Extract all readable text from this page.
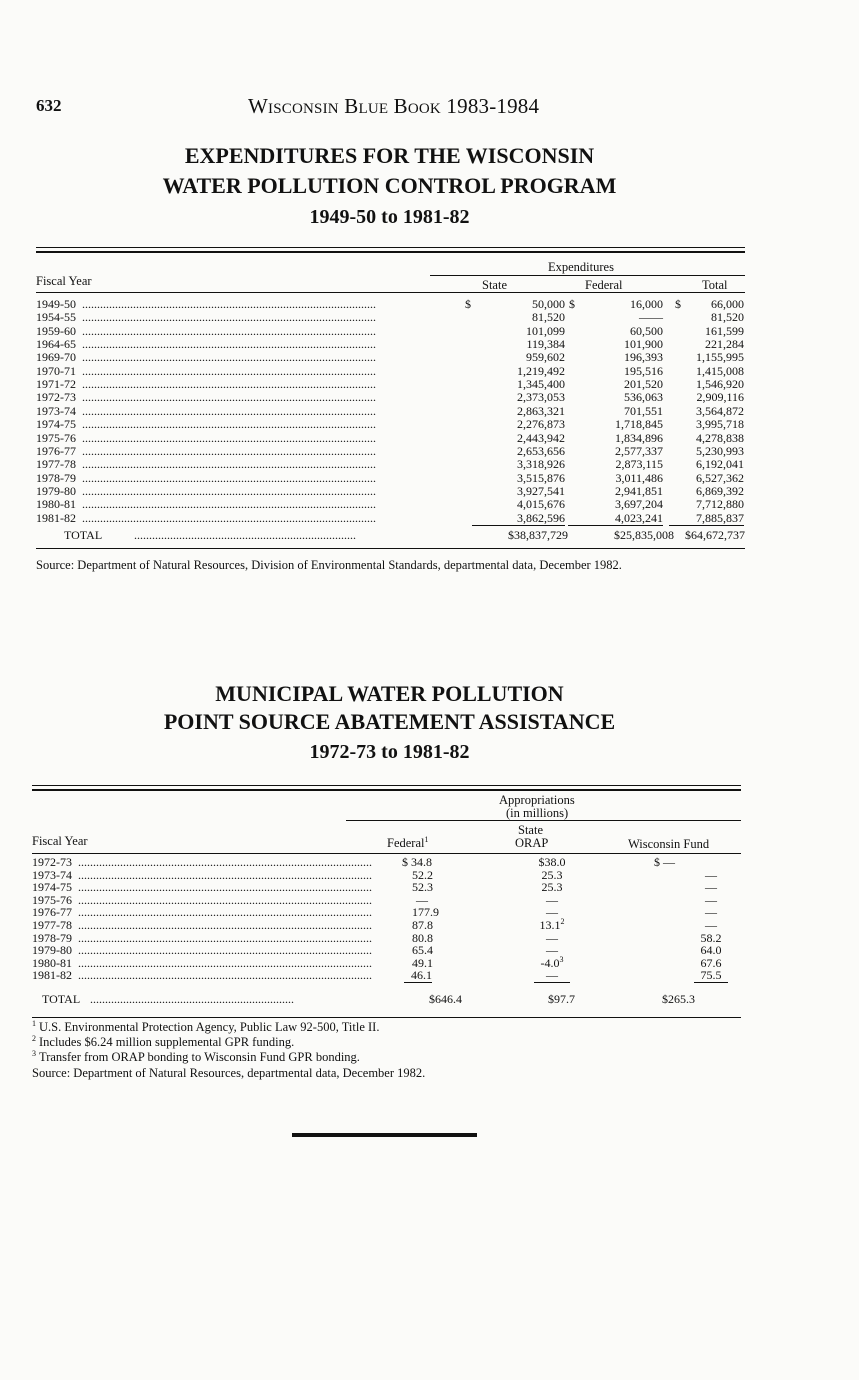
632	Wisconsin Blue Book 1983-1984
EXPENDITURES FOR THE WISCONSIN
WATER POLLUTION CONTROL PROGRAM
1949-50 to 1981-82
Expenditures
Fiscal Year	State	Federal	Total
1949-50 ..................................................................................................	50,000	16,000	66,000
$	$	$
1954-55 ..................................................................................................	81,520	——	81,520
1959-60 ..................................................................................................	101,099	60,500	161,599
1964-65 ..................................................................................................	119,384	101,900	221,284
1969-70 ..................................................................................................	959,602	196,393	1,155,995
1970-71 ..................................................................................................	1,219,492	195,516	1,415,008
1971-72 ..................................................................................................	1,345,400	201,520	1,546,920
1972-73 ..................................................................................................	2,373,053	536,063	2,909,116
1973-74 ..................................................................................................	2,863,321	701,551	3,564,872
1974-75 ..................................................................................................	2,276,873	1,718,845	3,995,718
1975-76 ..................................................................................................	2,443,942	1,834,896	4,278,838
1976-77 ..................................................................................................	2,653,656	2,577,337	5,230,993
1977-78 ..................................................................................................	3,318,926	2,873,115	6,192,041
1978-79 ..................................................................................................	3,515,876	3,011,486	6,527,362
1979-80 ..................................................................................................	3,927,541	2,941,851	6,869,392
1980-81 ..................................................................................................	4,015,676	3,697,204	7,712,880
1981-82 ..................................................................................................	3,862,596	4,023,241	7,885,837
TOTAL	..........................................................................	$38,837,729	$25,835,008 $64,672,737
Source: Department of Natural Resources, Division of Environmental Standards, departmental data, December 1982.
MUNICIPAL WATER POLLUTION
POINT SOURCE ABATEMENT ASSISTANCE
1972-73 to 1981-82
Appropriations
(in millions)
Fiscal Year	Federal$^1$
State
ORAP	Wisconsin Fund
1972-73 ..................................................................................................	$ 34.8	$38.0	$ —
1973-74 ..................................................................................................	52.2	25.3	—
1974-75 ..................................................................................................	52.3	25.3	—
1975-76 ..................................................................................................	—	—	—
1976-77 ..................................................................................................	177.9	—	—
1977-78 ..................................................................................................	87.8	13.1$^2$	—
1978-79 ..................................................................................................	80.8	—	58.2
1979-80 ..................................................................................................	65.4	—	64.0
1980-81 ..................................................................................................	49.1	$-4.0^3$	67.6
1981-82 ..................................................................................................	46.1	—	75.5
TOTAL ....................................................................	$646.4	$97.7	$265.3
$^1$ U.S. Environmental Protection Agency, Public Law 92-500, Title II.
$^2$ Includes $6.24 million supplemental GPR funding.
$^3$ Transfer from ORAP bonding to Wisconsin Fund GPR bonding.
Source: Department of Natural Resources, departmental data, December 1982.
